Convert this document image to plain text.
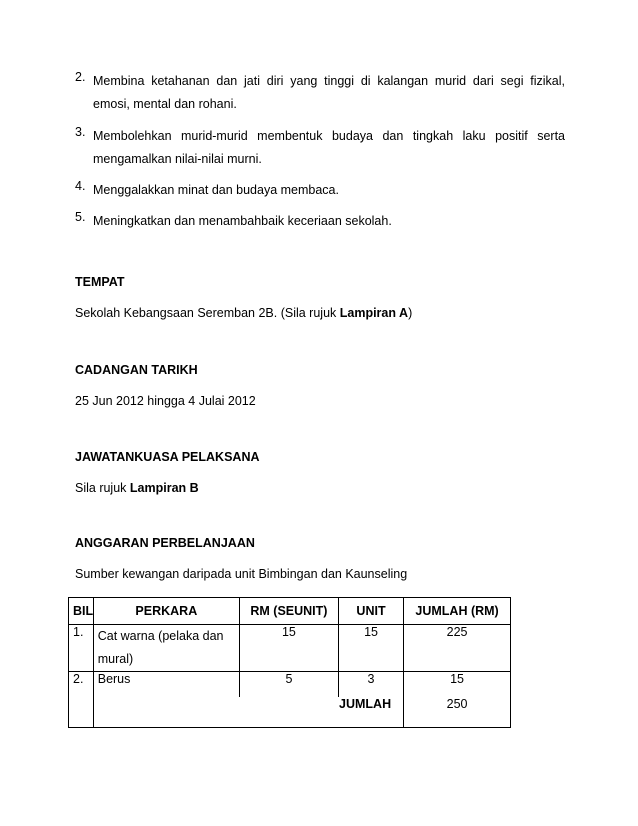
2. Membina ketahanan dan jati diri yang tinggi di kalangan murid dari segi fizikal, emosi, mental dan rohani.
3. Membolehkan murid-murid membentuk budaya dan tingkah laku positif serta mengamalkan nilai-nilai murni.
4. Menggalakkan minat dan budaya membaca.
5. Meningkatkan dan menambahbaik keceriaan sekolah.
TEMPAT
Sekolah Kebangsaan Seremban 2B. (Sila rujuk Lampiran A)
CADANGAN TARIKH
25 Jun 2012 hingga 4 Julai 2012
JAWATANKUASA PELAKSANA
Sila rujuk Lampiran B
ANGGARAN PERBELANJAAN
Sumber kewangan daripada unit Bimbingan dan Kaunseling
BIL	PERKARA	RM (SEUNIT)	UNIT	JUMLAH (RM)
1.	Cat warna (pelaka dan mural)	15	15	225
2.	Berus	5	3	15
	JUMLAH			250
